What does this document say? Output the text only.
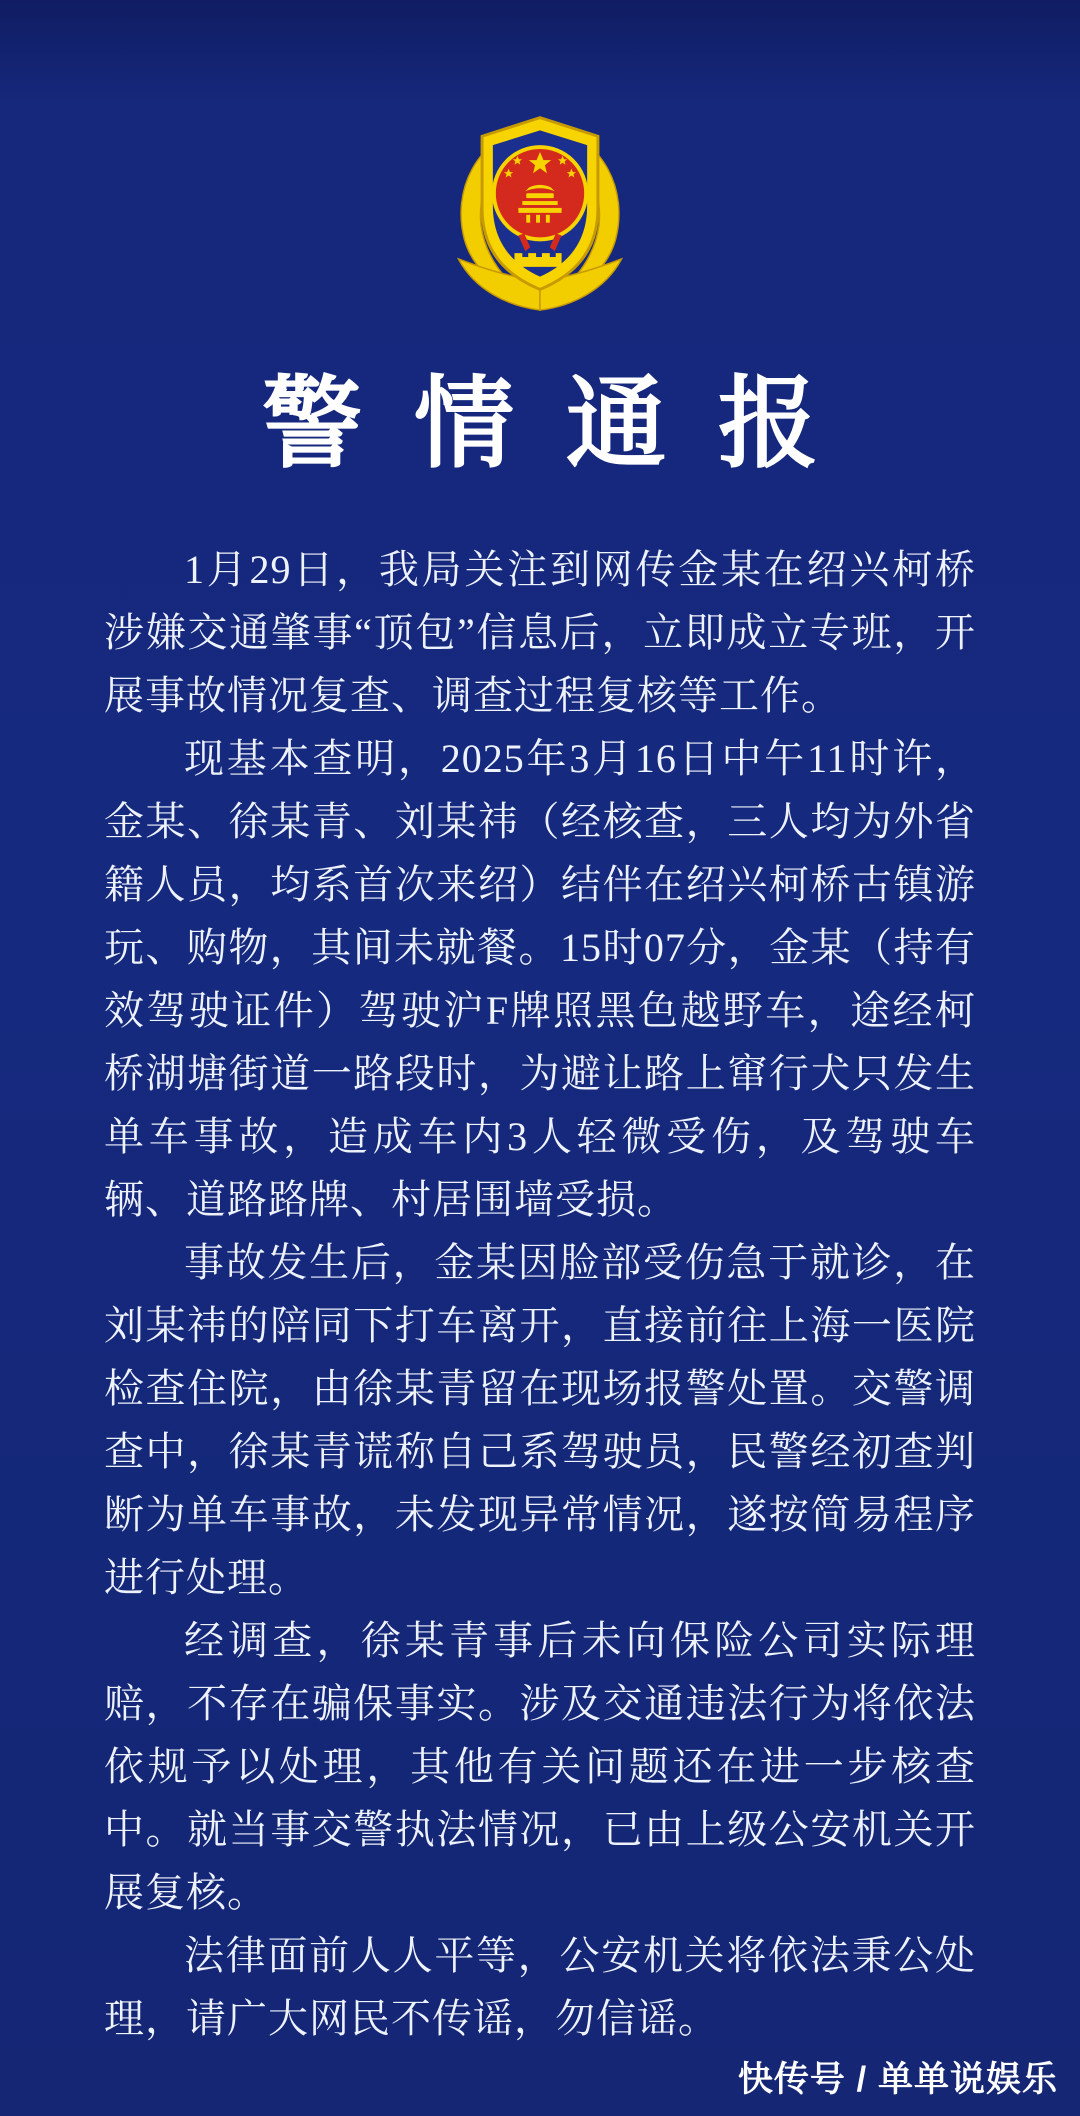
警情通报

1月29日，我局关注到网传金某在绍兴柯桥涉嫌交通肇事“顶包”信息后，立即成立专班，开展事故情况复查、调查过程复核等工作。

现基本查明，2025年3月16日中午11时许，金某、徐某青、刘某祎（经核查，三人均为外省籍人员，均系首次来绍）结伴在绍兴柯桥古镇游玩、购物，其间未就餐。15时07分，金某（持有效驾驶证件）驾驶沪F牌照黑色越野车，途经柯桥湖塘街道一路段时，为避让路上窜行犬只发生单车事故，造成车内3人轻微受伤，及驾驶车辆、道路路牌、村居围墙受损。

事故发生后，金某因脸部受伤急于就诊，在刘某祎的陪同下打车离开，直接前往上海一医院检查住院，由徐某青留在现场报警处置。交警调查中，徐某青谎称自己系驾驶员，民警经初查判断为单车事故，未发现异常情况，遂按简易程序进行处理。

经调查，徐某青事后未向保险公司实际理赔，不存在骗保事实。涉及交通违法行为将依法依规予以处理，其他有关问题还在进一步核查中。就当事交警执法情况，已由上级公安机关开展复核。

法律面前人人平等，公安机关将依法秉公处理，请广大网民不传谣，勿信谣。

快传号 / 单单说娱乐
